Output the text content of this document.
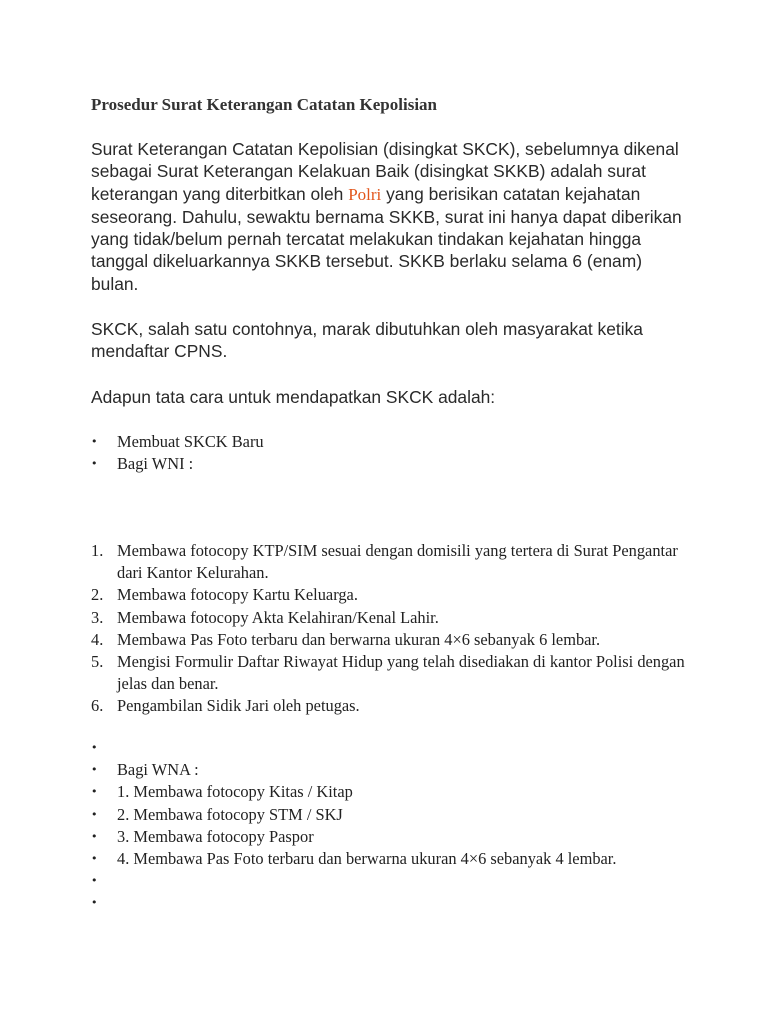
Prosedur Surat Keterangan Catatan Kepolisian

Surat Keterangan Catatan Kepolisian (disingkat SKCK), sebelumnya dikenal sebagai Surat Keterangan Kelakuan Baik (disingkat SKKB) adalah surat keterangan yang diterbitkan oleh Polri yang berisikan catatan kejahatan seseorang. Dahulu, sewaktu bernama SKKB, surat ini hanya dapat diberikan yang tidak/belum pernah tercatat melakukan tindakan kejahatan hingga tanggal dikeluarkannya SKKB tersebut. SKKB berlaku selama 6 (enam) bulan.

SKCK, salah satu contohnya, marak dibutuhkan oleh masyarakat ketika mendaftar CPNS.

Adapun tata cara untuk mendapatkan SKCK adalah:

•	Membuat SKCK Baru
•	Bagi WNI :
1. Membawa fotocopy KTP/SIM sesuai dengan domisili yang tertera di Surat Pengantar dari Kantor Kelurahan.
2. Membawa fotocopy Kartu Keluarga.
3. Membawa fotocopy Akta Kelahiran/Kenal Lahir.
4. Membawa Pas Foto terbaru dan berwarna ukuran 4×6 sebanyak 6 lembar.
5. Mengisi Formulir Daftar Riwayat Hidup yang telah disediakan di kantor Polisi dengan jelas dan benar.
6. Pengambilan Sidik Jari oleh petugas.
•
•	Bagi WNA :
•	1. Membawa fotocopy Kitas / Kitap
•	2. Membawa fotocopy STM / SKJ
•	3. Membawa fotocopy Paspor
•	4. Membawa Pas Foto terbaru dan berwarna ukuran 4×6 sebanyak 4 lembar.
•
•
